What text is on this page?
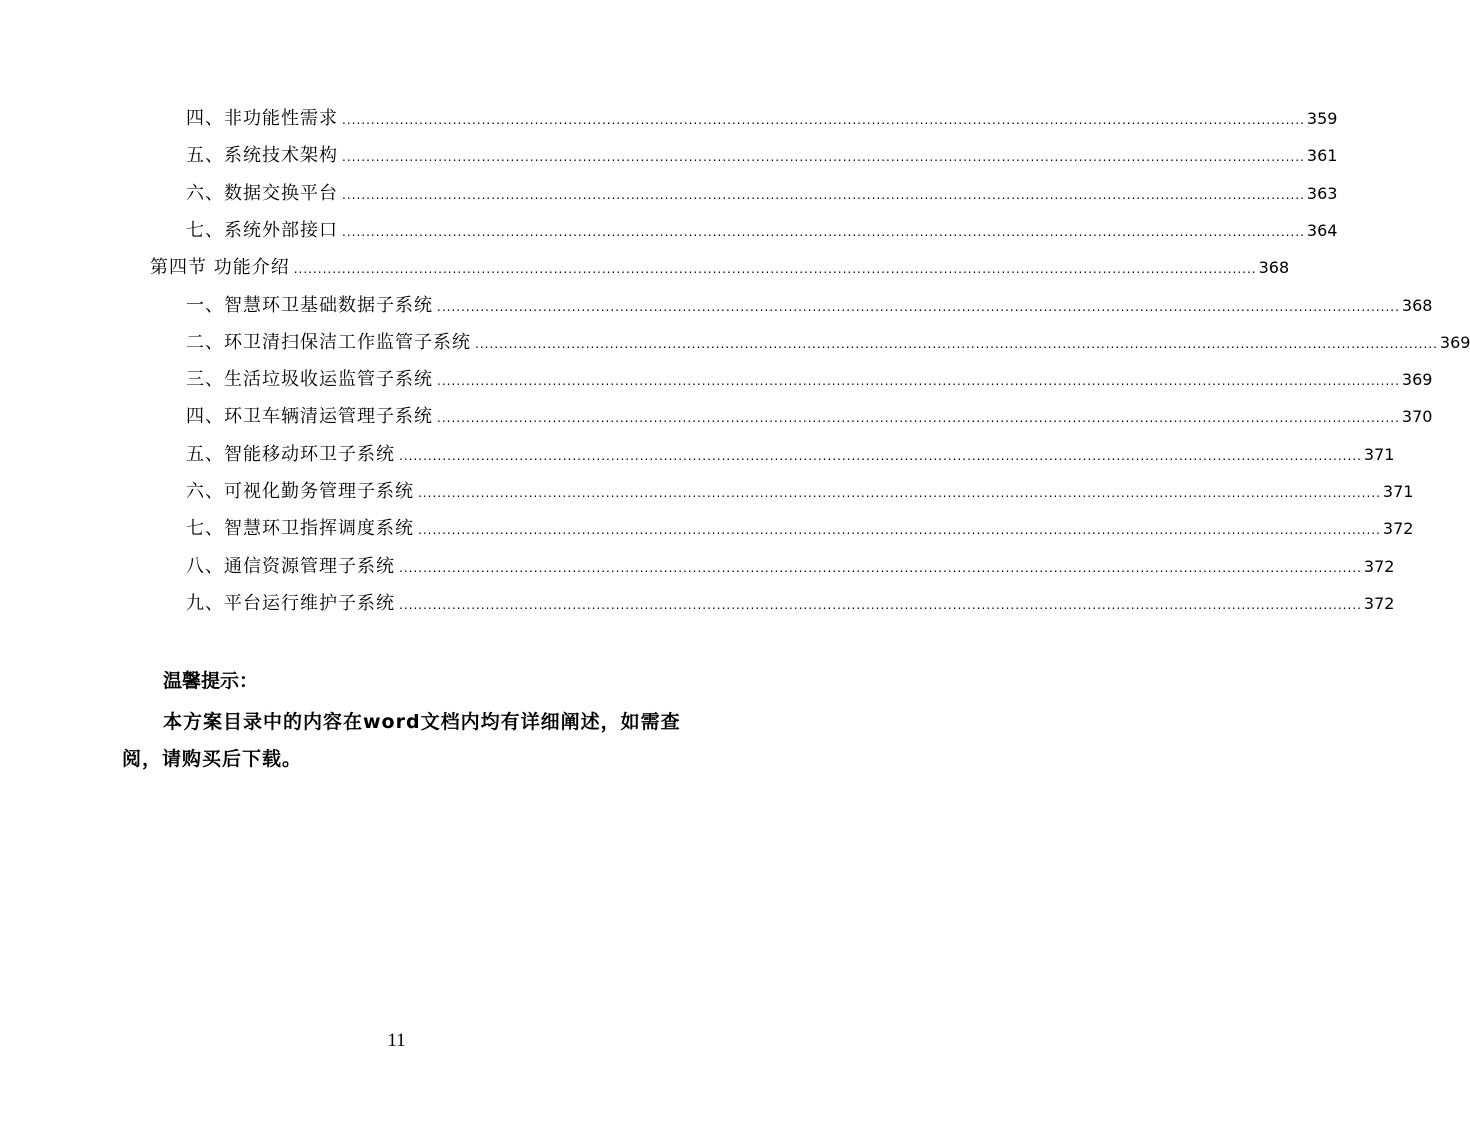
四、非功能性需求 ........................................................................................................................................................................................................ 359
五、系统技术架构 ........................................................................................................................................................................................................ 361
六、数据交换平台 ........................................................................................................................................................................................................ 363
七、系统外部接口 ........................................................................................................................................................................................................ 364
第四节 功能介绍 ........................................................................................................................................................................................................ 368
一、智慧环卫基础数据子系统 ........................................................................................................................................................................................................ 368
二、环卫清扫保洁工作监管子系统 ........................................................................................................................................................................................................ 369
三、生活垃圾收运监管子系统 ........................................................................................................................................................................................................ 369
四、环卫车辆清运管理子系统 ........................................................................................................................................................................................................ 370
五、智能移动环卫子系统 ........................................................................................................................................................................................................ 371
六、可视化勤务管理子系统 ........................................................................................................................................................................................................ 371
七、智慧环卫指挥调度系统 ........................................................................................................................................................................................................ 372
八、通信资源管理子系统 ........................................................................................................................................................................................................ 372
九、平台运行维护子系统 ........................................................................................................................................................................................................ 372
温馨提示：
本方案目录中的内容在word文档内均有详细阐述，如需查阅，请购买后下载。
11
